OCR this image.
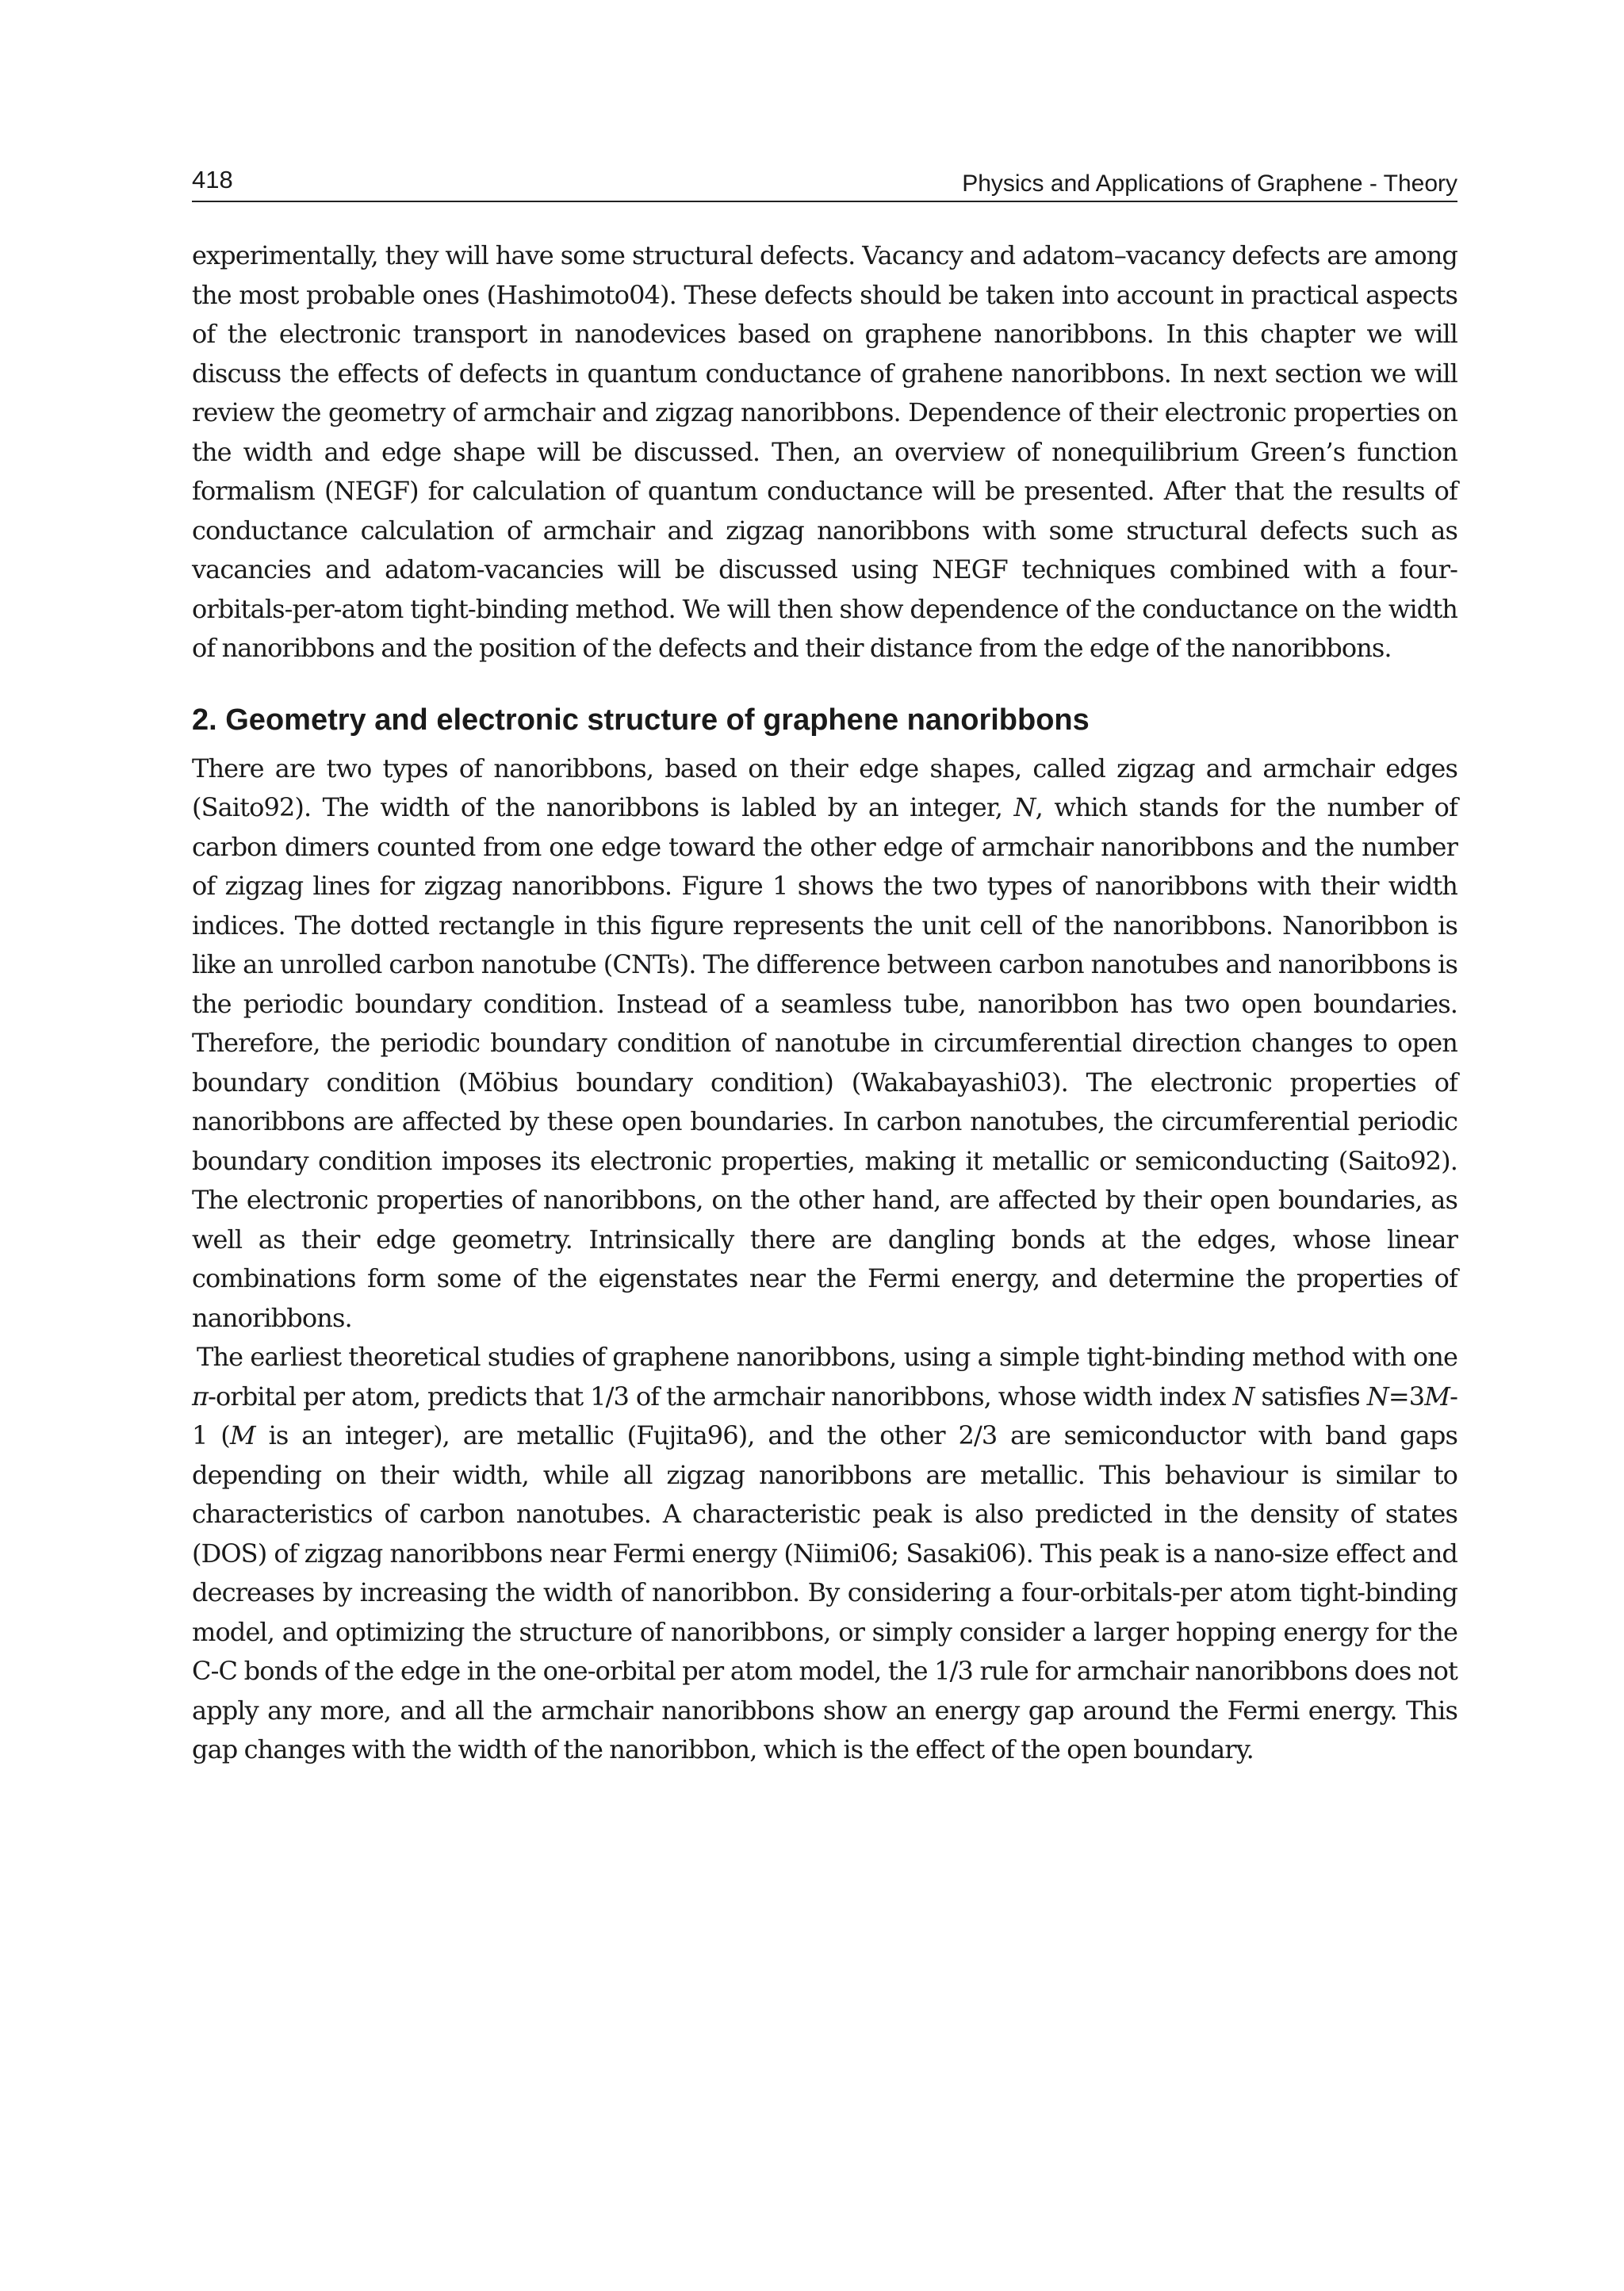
418	Physics and Applications of Graphene - Theory

experimentally, they will have some structural defects. Vacancy and adatom–vacancy defects are among the most probable ones (Hashimoto04). These defects should be taken into account in practical aspects of the electronic transport in nanodevices based on graphene nanoribbons. In this chapter we will discuss the effects of defects in quantum conductance of grahene nanoribbons. In next section we will review the geometry of armchair and zigzag nanoribbons. Dependence of their electronic properties on the width and edge shape will be discussed. Then, an overview of nonequilibrium Green’s function formalism (NEGF) for calculation of quantum conductance will be presented. After that the results of conductance calculation of armchair and zigzag nanoribbons with some structural defects such as vacancies and adatom-vacancies will be discussed using NEGF techniques combined with a four-orbitals-per-atom tight-binding method. We will then show dependence of the conductance on the width of nanoribbons and the position of the defects and their distance from the edge of the nanoribbons.

2. Geometry and electronic structure of graphene nanoribbons

There are two types of nanoribbons, based on their edge shapes, called zigzag and armchair edges (Saito92). The width of the nanoribbons is labled by an integer, N, which stands for the number of carbon dimers counted from one edge toward the other edge of armchair nanoribbons and the number of zigzag lines for zigzag nanoribbons. Figure 1 shows the two types of nanoribbons with their width indices. The dotted rectangle in this figure represents the unit cell of the nanoribbons. Nanoribbon is like an unrolled carbon nanotube (CNTs). The difference between carbon nanotubes and nanoribbons is the periodic boundary condition. Instead of a seamless tube, nanoribbon has two open boundaries. Therefore, the periodic boundary condition of nanotube in circumferential direction changes to open boundary condition (Möbius boundary condition) (Wakabayashi03). The electronic properties of nanoribbons are affected by these open boundaries. In carbon nanotubes, the circumferential periodic boundary condition imposes its electronic properties, making it metallic or semiconducting (Saito92). The electronic properties of nanoribbons, on the other hand, are affected by their open boundaries, as well as their edge geometry. Intrinsically there are dangling bonds at the edges, whose linear combinations form some of the eigenstates near the Fermi energy, and determine the properties of nanoribbons.

The earliest theoretical studies of graphene nanoribbons, using a simple tight-binding method with one π-orbital per atom, predicts that 1/3 of the armchair nanoribbons, whose width index N satisfies N=3M-1 (M is an integer), are metallic (Fujita96), and the other 2/3 are semiconductor with band gaps depending on their width, while all zigzag nanoribbons are metallic. This behaviour is similar to characteristics of carbon nanotubes. A characteristic peak is also predicted in the density of states (DOS) of zigzag nanoribbons near Fermi energy (Niimi06; Sasaki06). This peak is a nano-size effect and decreases by increasing the width of nanoribbon. By considering a four-orbitals-per atom tight-binding model, and optimizing the structure of nanoribbons, or simply consider a larger hopping energy for the C-C bonds of the edge in the one-orbital per atom model, the 1/3 rule for armchair nanoribbons does not apply any more, and all the armchair nanoribbons show an energy gap around the Fermi energy. This gap changes with the width of the nanoribbon, which is the effect of the open boundary.
